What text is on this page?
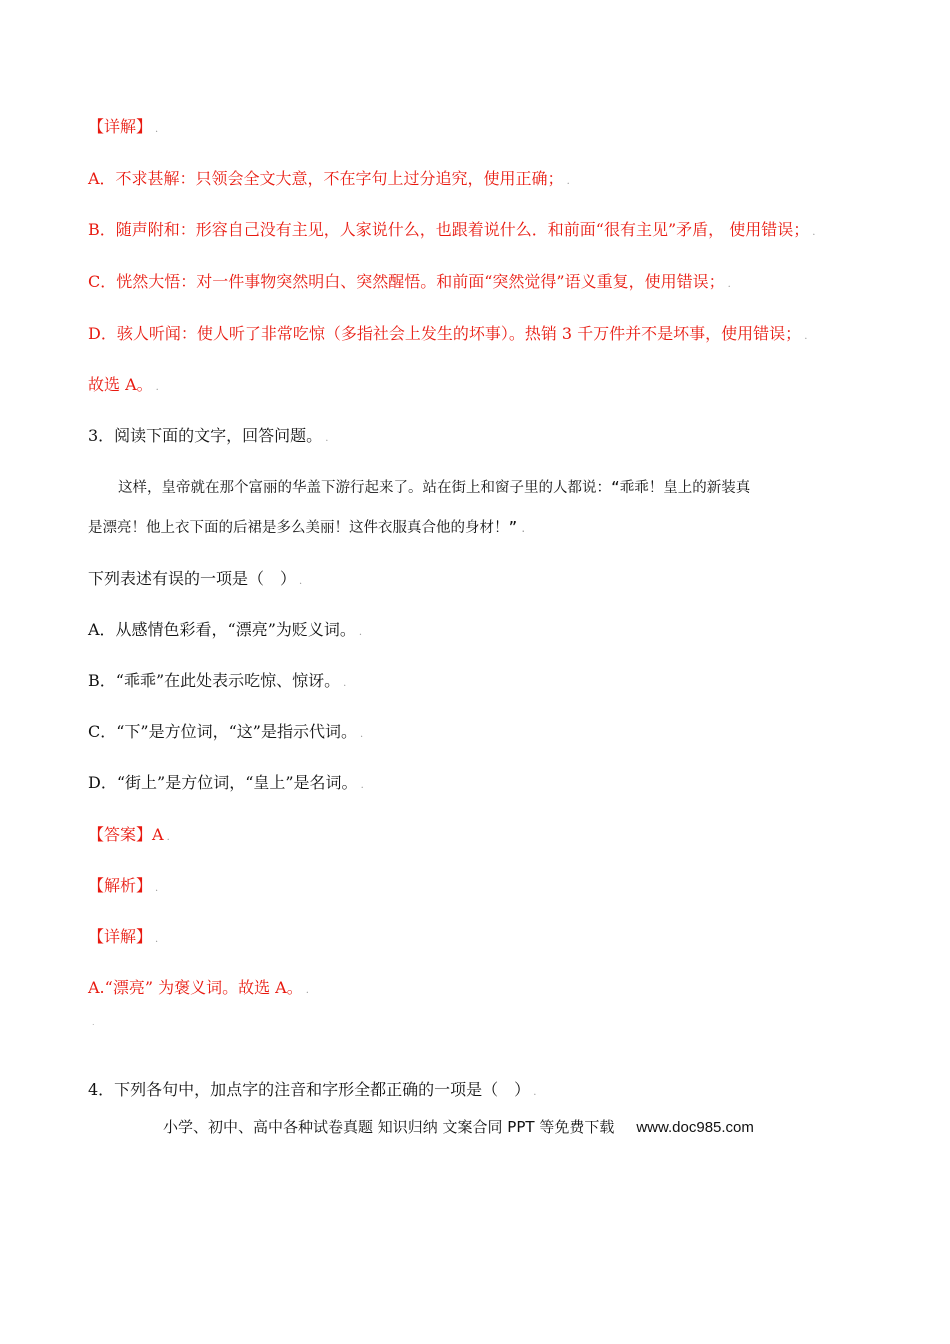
【详解】 .
A．不求甚解：只领会全文大意，不在字句上过分追究，使用正确； .
B．随声附和：形容自己没有主见，人家说什么，也跟着说什么．和前面“很有主见”矛盾， 使用错误； .
C．恍然大悟：对一件事物突然明白、突然醒悟。和前面“突然觉得”语义重复，使用错误； .
D．骇人听闻：使人听了非常吃惊（多指社会上发生的坏事）。热销 3 千万件并不是坏事，使用错误； .
故选 A。 .
3．阅读下面的文字，回答问题。 .

这样，皇帝就在那个富丽的华盖下游行起来了。站在街上和窗子里的人都说：“乖乖！皇上的新装真

是漂亮！他上衣下面的后裙是多么美丽！这件衣服真合他的身材！” .

下列表述有误的一项是（　） .
A．从感情色彩看，“漂亮”为贬义词。 .
B．“乖乖”在此处表示吃惊、惊讶。 .
C．“下”是方位词，“这”是指示代词。 .
D．“街上”是方位词，“皇上”是名词。 .
【答案】A .
【解析】 .
【详解】 .
A.“漂亮” 为褒义词。故选 A。 .
.
4．下列各句中，加点字的注音和字形全都正确的一项是（　） .
小学、初中、高中各种试卷真题 知识归纳 文案合同 PPT 等免费下载 www.doc985.com
